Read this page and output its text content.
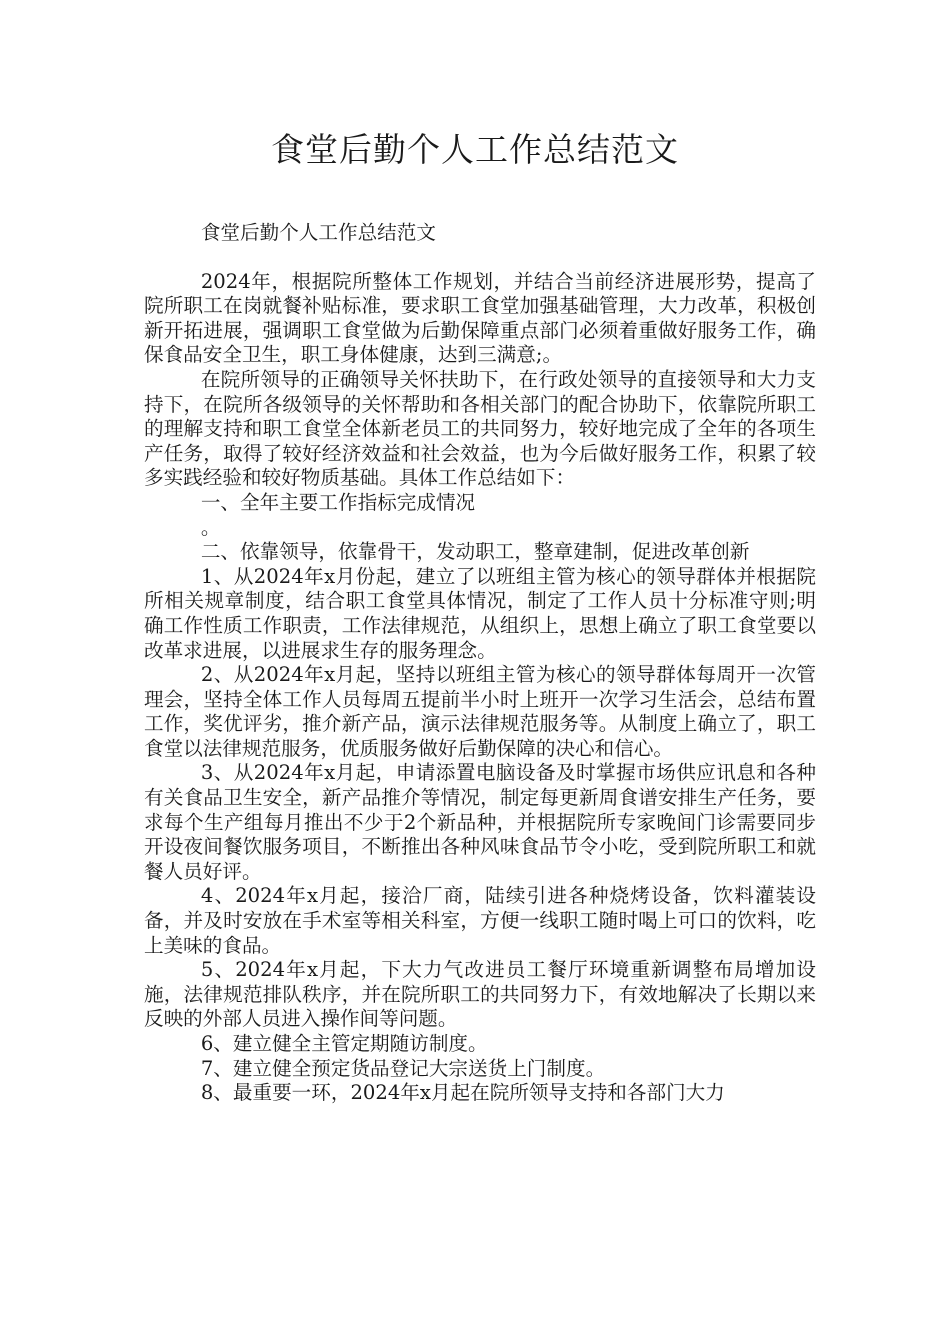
食堂后勤个人工作总结范文

食堂后勤个人工作总结范文

2024年，根据院所整体工作规划，并结合当前经济进展形势，提高了院所职工在岗就餐补贴标准，要求职工食堂加强基础管理，大力改革，积极创新开拓进展，强调职工食堂做为后勤保障重点部门必须着重做好服务工作，确保食品安全卫生，职工身体健康，达到三满意;。

在院所领导的正确领导关怀扶助下，在行政处领导的直接领导和大力支持下，在院所各级领导的关怀帮助和各相关部门的配合协助下，依靠院所职工的理解支持和职工食堂全体新老员工的共同努力，较好地完成了全年的各项生产任务，取得了较好经济效益和社会效益，也为今后做好服务工作，积累了较多实践经验和较好物质基础。具体工作总结如下：

一、全年主要工作指标完成情况

。

二、依靠领导，依靠骨干，发动职工，整章建制，促进改革创新

1、从2024年x月份起，建立了以班组主管为核心的领导群体并根据院所相关规章制度，结合职工食堂具体情况，制定了工作人员十分标准守则;明确工作性质工作职责，工作法律规范，从组织上，思想上确立了职工食堂要以改革求进展，以进展求生存的服务理念。

2、从2024年x月起，坚持以班组主管为核心的领导群体每周开一次管理会，坚持全体工作人员每周五提前半小时上班开一次学习生活会，总结布置工作，奖优评劣，推介新产品，演示法律规范服务等。从制度上确立了，职工食堂以法律规范服务，优质服务做好后勤保障的决心和信心。

3、从2024年x月起，申请添置电脑设备及时掌握市场供应讯息和各种有关食品卫生安全，新产品推介等情况，制定每更新周食谱安排生产任务，要求每个生产组每月推出不少于2个新品种，并根据院所专家晚间门诊需要同步开设夜间餐饮服务项目，不断推出各种风味食品节令小吃，受到院所职工和就餐人员好评。

4、2024年x月起，接洽厂商，陆续引进各种烧烤设备，饮料灌装设备，并及时安放在手术室等相关科室，方便一线职工随时喝上可口的饮料，吃上美味的食品。

5、2024年x月起，下大力气改进员工餐厅环境重新调整布局增加设施，法律规范排队秩序，并在院所职工的共同努力下，有效地解决了长期以来反映的外部人员进入操作间等问题。

6、建立健全主管定期随访制度。

7、建立健全预定货品登记大宗送货上门制度。

8、最重要一环，2024年x月起在院所领导支持和各部门大力
